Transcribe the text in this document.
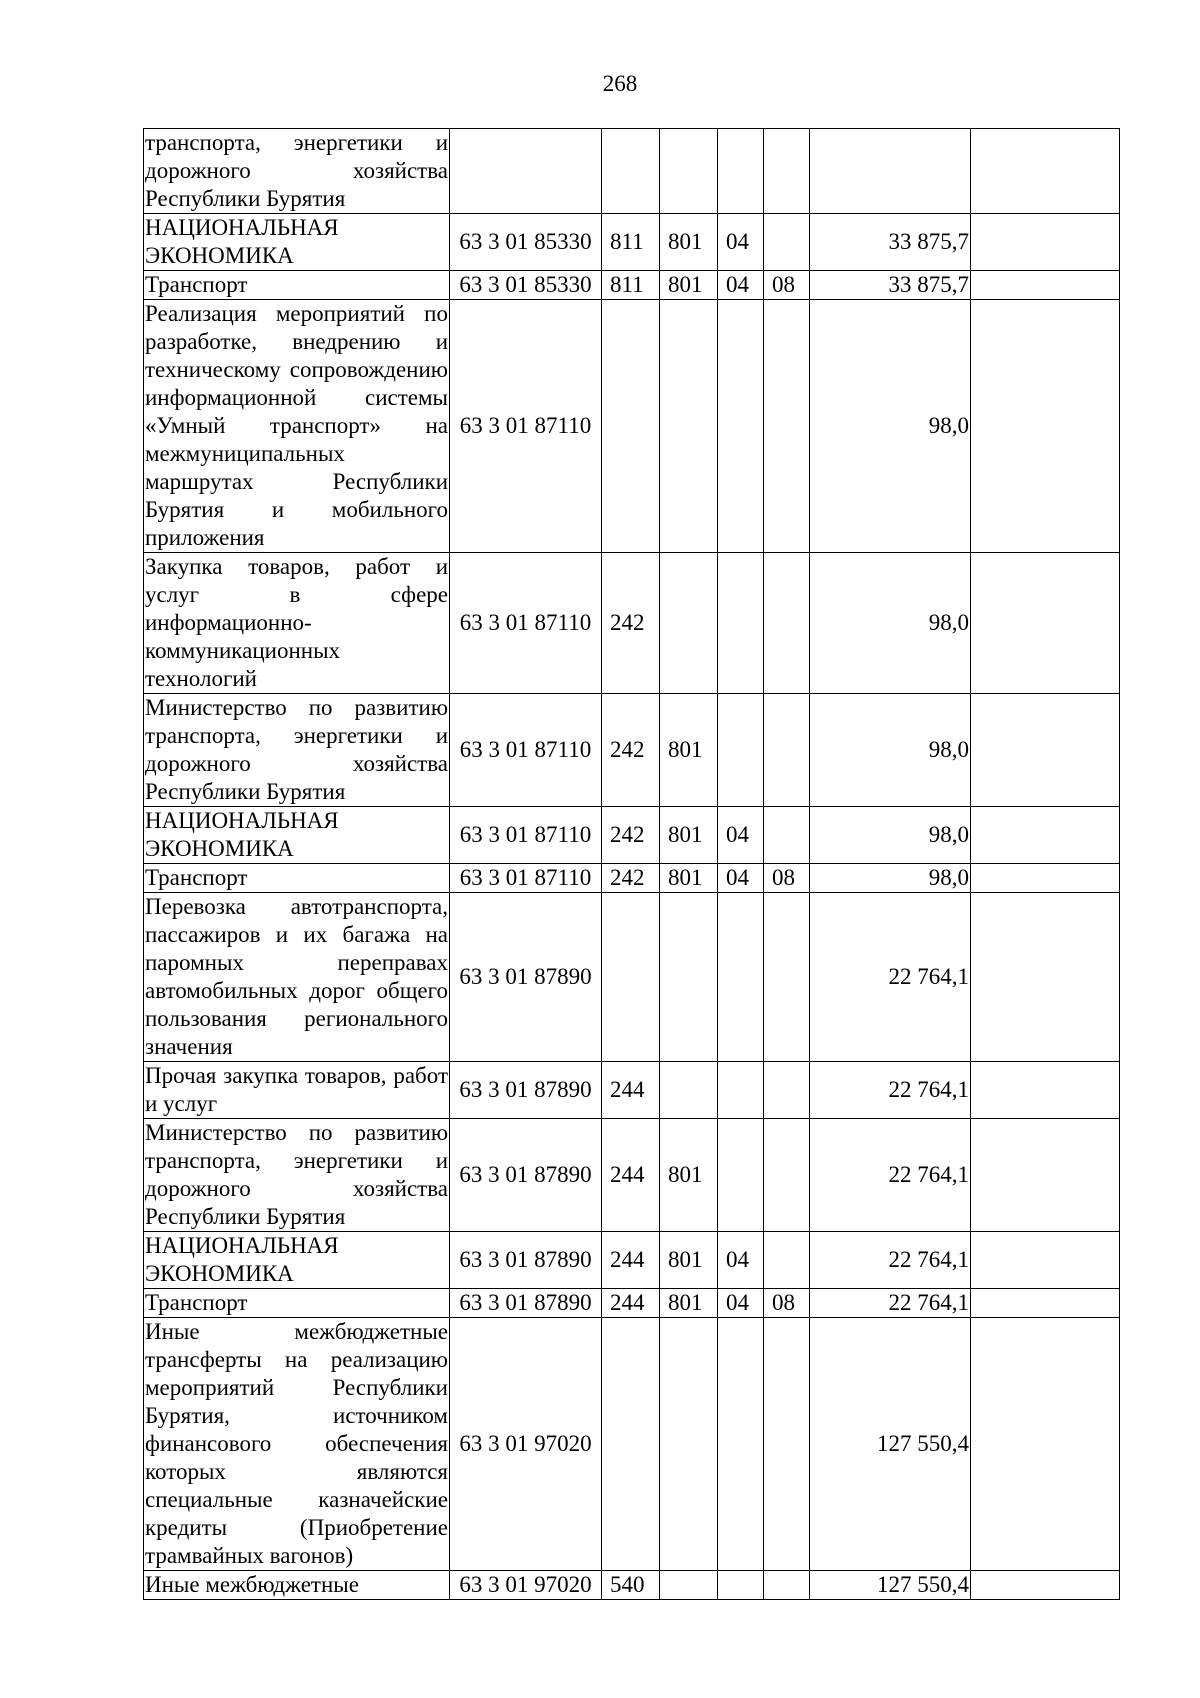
268
транспорта, энергетики и дорожного хозяйства Республики Бурятия							
НАЦИОНАЛЬНАЯ ЭКОНОМИКА	63 3 01 85330	811	801	04		33 875,7	
Транспорт	63 3 01 85330	811	801	04	08	33 875,7	
Реализация мероприятий по разработке, внедрению и техническому сопровождению информационной системы «Умный транспорт» на межмуниципальных маршрутах Республики Бурятия и мобильного приложения	63 3 01 87110					98,0	
Закупка товаров, работ и услуг в сфере информационно-коммуникационных технологий	63 3 01 87110	242				98,0	
Министерство по развитию транспорта, энергетики и дорожного хозяйства Республики Бурятия	63 3 01 87110	242	801			98,0	
НАЦИОНАЛЬНАЯ ЭКОНОМИКА	63 3 01 87110	242	801	04		98,0	
Транспорт	63 3 01 87110	242	801	04	08	98,0	
Перевозка автотранспорта, пассажиров и их багажа на паромных переправах автомобильных дорог общего пользования регионального значения	63 3 01 87890					22 764,1	
Прочая закупка товаров, работ и услуг	63 3 01 87890	244				22 764,1	
Министерство по развитию транспорта, энергетики и дорожного хозяйства Республики Бурятия	63 3 01 87890	244	801			22 764,1	
НАЦИОНАЛЬНАЯ ЭКОНОМИКА	63 3 01 87890	244	801	04		22 764,1	
Транспорт	63 3 01 87890	244	801	04	08	22 764,1	
Иные межбюджетные трансферты на реализацию мероприятий Республики Бурятия, источником финансового обеспечения которых являются специальные казначейские кредиты (Приобретение трамвайных вагонов)	63 3 01 97020					127 550,4	
Иные межбюджетные	63 3 01 97020	540				127 550,4	
